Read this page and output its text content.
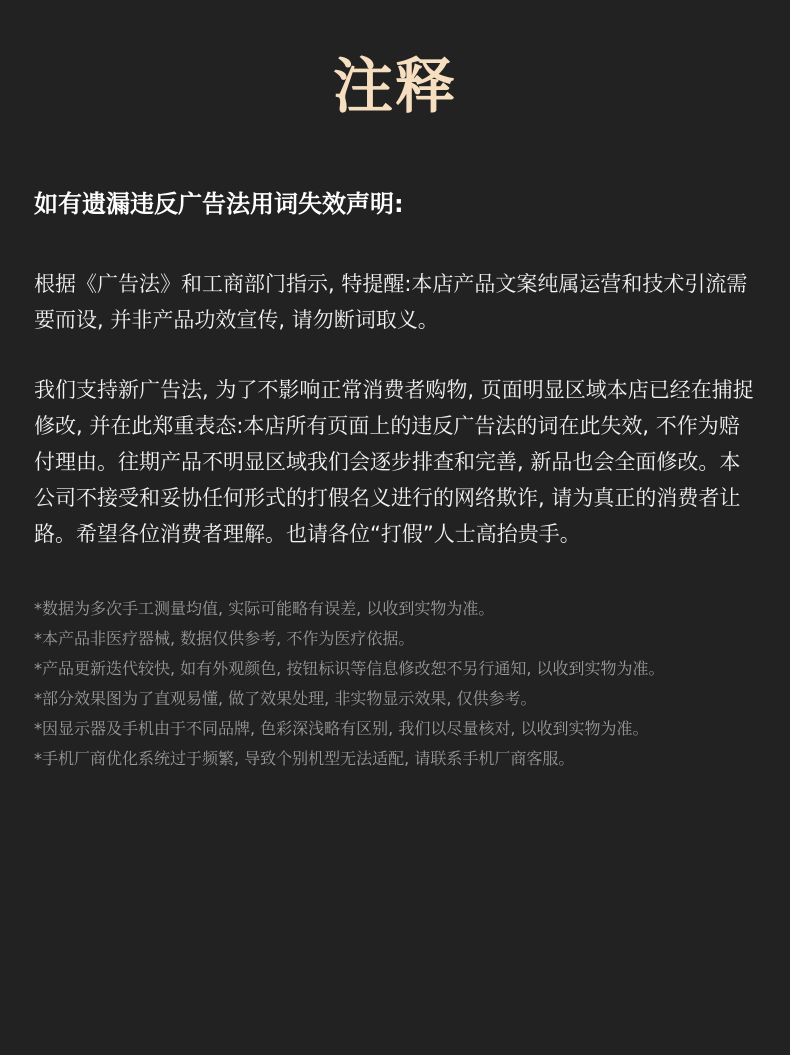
注释
如有遗漏违反广告法用词失效声明:

根据《广告法》和工商部门指示, 特提醒:本店产品文案纯属运营和技术引流需要而设, 并非产品功效宣传, 请勿断词取义。

我们支持新广告法, 为了不影响正常消费者购物, 页面明显区域本店已经在捕捉修改, 并在此郑重表态:本店所有页面上的违反广告法的词在此失效, 不作为赔付理由。往期产品不明显区域我们会逐步排查和完善, 新品也会全面修改。本公司不接受和妥协任何形式的打假名义进行的网络欺诈, 请为真正的消费者让路。希望各位消费者理解。也请各位“打假”人士高抬贵手。

*数据为多次手工测量均值, 实际可能略有误差, 以收到实物为准。

*本产品非医疗器械, 数据仅供参考, 不作为医疗依据。

*产品更新迭代较快, 如有外观颜色, 按钮标识等信息修改恕不另行通知, 以收到实物为准。

*部分效果图为了直观易懂, 做了效果处理, 非实物显示效果, 仅供参考。

*因显示器及手机由于不同品牌, 色彩深浅略有区别, 我们以尽量核对, 以收到实物为准。

*手机厂商优化系统过于频繁, 导致个别机型无法适配, 请联系手机厂商客服。
